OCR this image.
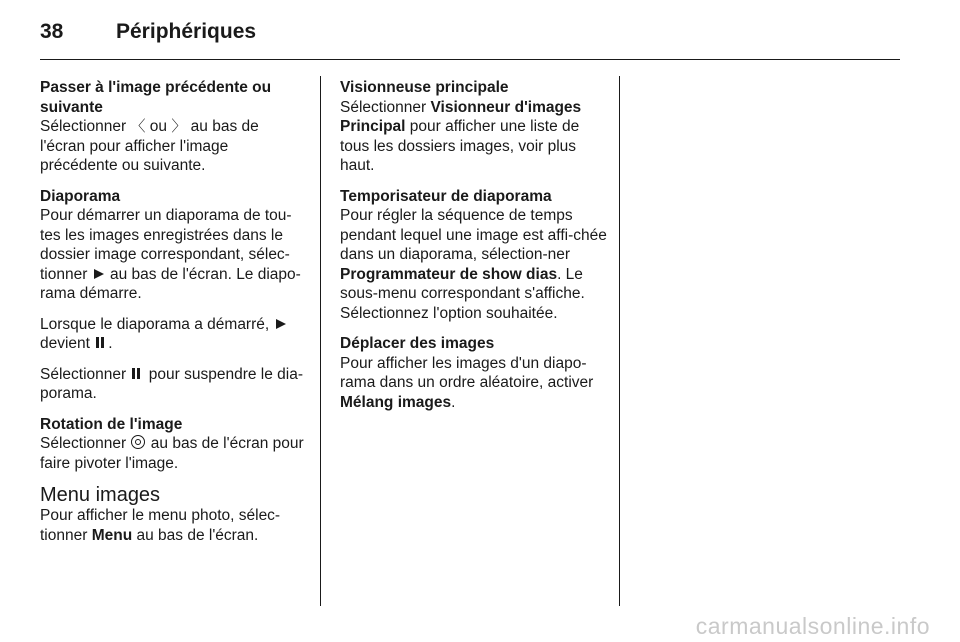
38	Périphériques
Passer à l'image précédente ou suivante
Sélectionner 〈 ou 〉 au bas de l'écran pour afficher l'image précédente ou suivante.
Diaporama
Pour démarrer un diaporama de tou-tes les images enregistrées dans le dossier image correspondant, sélec-tionner  au bas de l'écran. Le diapo-rama démarre.
Lorsque le diaporama a démarré,  devient .
Sélectionner  pour suspendre le dia-porama.
Rotation de l'image
Sélectionner  au bas de l'écran pour faire pivoter l'image.
Menu images
Pour afficher le menu photo, sélec-tionner Menu au bas de l'écran.
Visionneuse principale
Sélectionner Visionneur d'images Principal pour afficher une liste de tous les dossiers images, voir plus haut.
Temporisateur de diaporama
Pour régler la séquence de temps pendant lequel une image est affi-chée dans un diaporama, sélection-ner Programmateur de show dias. Le sous-menu correspondant s'affiche. Sélectionnez l'option souhaitée.
Déplacer des images
Pour afficher les images d'un diapo-rama dans un ordre aléatoire, activer Mélang images.
carmanualsonline.info
